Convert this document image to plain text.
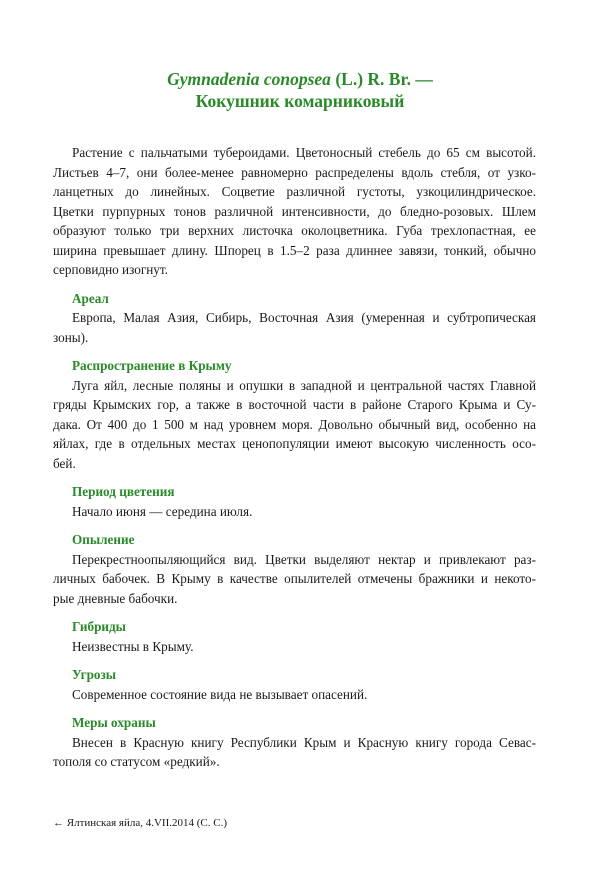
Gymnadenia conopsea (L.) R. Br. —
Кокушник комарниковый
Растение с пальчатыми тубероидами. Цветоносный стебель до 65 см высотой.
Листьев 4–7, они более-менее равномерно распределены вдоль стебля, от узко-
ланцетных до линейных. Соцветие различной густоты, узкоцилиндрическое.
Цветки пурпурных тонов различной интенсивности, до бледно-розовых. Шлем
образуют только три верхних листочка околоцветника. Губа трехлопастная, ее
ширина превышает длину. Шпорец в 1.5–2 раза длиннее завязи, тонкий, обычно
серповидно изогнут.
Ареал
Европа, Малая Азия, Сибирь, Восточная Азия (умеренная и субтропическая
зоны).
Распространение в Крыму
Луга яйл, лесные поляны и опушки в западной и центральной частях Главной
гряды Крымских гор, а также в восточной части в районе Старого Крыма и Су-
дака. От 400 до 1 500 м над уровнем моря. Довольно обычный вид, особенно на
яйлах, где в отдельных местах ценопопуляции имеют высокую численность осо-
бей.
Период цветения
Начало июня — середина июля.
Опыление
Перекрестноопыляющийся вид. Цветки выделяют нектар и привлекают раз-
личных бабочек. В Крыму в качестве опылителей отмечены бражники и некото-
рые дневные бабочки.
Гибриды
Неизвестны в Крыму.
Угрозы
Современное состояние вида не вызывает опасений.
Меры охраны
Внесен в Красную книгу Республики Крым и Красную книгу города Севас-
тополя со статусом «редкий».
← Ялтинская яйла, 4.VII.2014 (С. С.)
